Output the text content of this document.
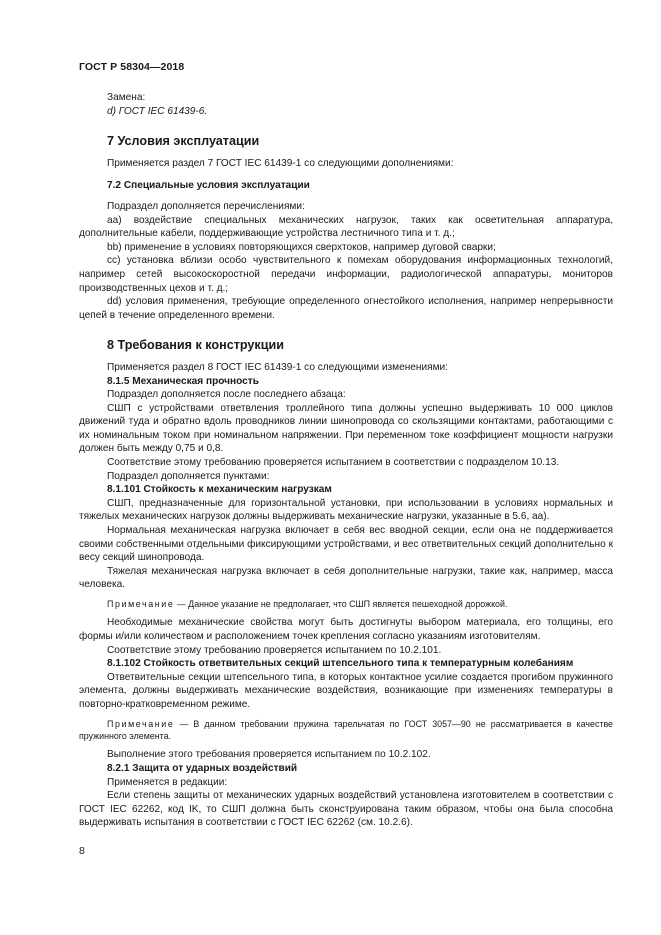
ГОСТ Р 58304—2018

Замена:

d) ГОСТ IEC 61439-6.

7 Условия эксплуатации

Применяется раздел 7 ГОСТ IEC 61439-1 со следующими дополнениями:

7.2 Специальные условия эксплуатации

Подраздел дополняется перечислениями:

аа) воздействие специальных механических нагрузок, таких как осветительная аппаратура, дополнительные кабели, поддерживающие устройства лестничного типа и т. д.;

bb) применение в условиях повторяющихся сверхтоков, например дуговой сварки;

cc) установка вблизи особо чувствительного к помехам оборудования информационных технологий, например сетей высокоскоростной передачи информации, радиологической аппаратуры, мониторов производственных цехов и т. д.;

dd) условия применения, требующие определенного огнестойкого исполнения, например непрерывности цепей в течение определенного времени.

8 Требования к конструкции

Применяется раздел 8 ГОСТ IEC 61439-1 со следующими изменениями:

8.1.5 Механическая прочность

Подраздел дополняется после последнего абзаца:

СШП с устройствами ответвления троллейного типа должны успешно выдерживать 10 000 циклов движений туда и обратно вдоль проводников линии шинопровода со скользящими контактами, работающими с их номинальным током при номинальном напряжении. При переменном токе коэффициент мощности нагрузки должен быть между 0,75 и 0,8.

Соответствие этому требованию проверяется испытанием в соответствии с подразделом 10.13.

Подраздел дополняется пунктами:

8.1.101 Стойкость к механическим нагрузкам

СШП, предназначенные для горизонтальной установки, при использовании в условиях нормальных и тяжелых механических нагрузок должны выдерживать механические нагрузки, указанные в 5.6, аа).

Нормальная механическая нагрузка включает в себя вес вводной секции, если она не поддерживается своими собственными отдельными фиксирующими устройствами, и вес ответвительных секций дополнительно к весу секций шинопровода.

Тяжелая механическая нагрузка включает в себя дополнительные нагрузки, такие как, например, масса человека.

Примечание — Данное указание не предполагает, что СШП является пешеходной дорожкой.

Необходимые механические свойства могут быть достигнуты выбором материала, его толщины, его формы и/или количеством и расположением точек крепления согласно указаниям изготовителям.

Соответствие этому требованию проверяется испытанием по 10.2.101.

8.1.102 Стойкость ответвительных секций штепсельного типа к температурным колебаниям

Ответвительные секции штепсельного типа, в которых контактное усилие создается прогибом пружинного элемента, должны выдерживать механические воздействия, возникающие при изменениях температуры в повторно-кратковременном режиме.

Примечание — В данном требовании пружина тарельчатая по ГОСТ 3057—90 не рассматривается в качестве пружинного элемента.

Выполнение этого требования проверяется испытанием по 10.2.102.

8.2.1 Защита от ударных воздействий

Применяется в редакции:

Если степень защиты от механических ударных воздействий установлена изготовителем в соответствии с ГОСТ IEC 62262, код IK, то СШП должна быть сконструирована таким образом, чтобы она была способна выдерживать испытания в соответствии с ГОСТ IEC 62262 (см. 10.2.6).

8
